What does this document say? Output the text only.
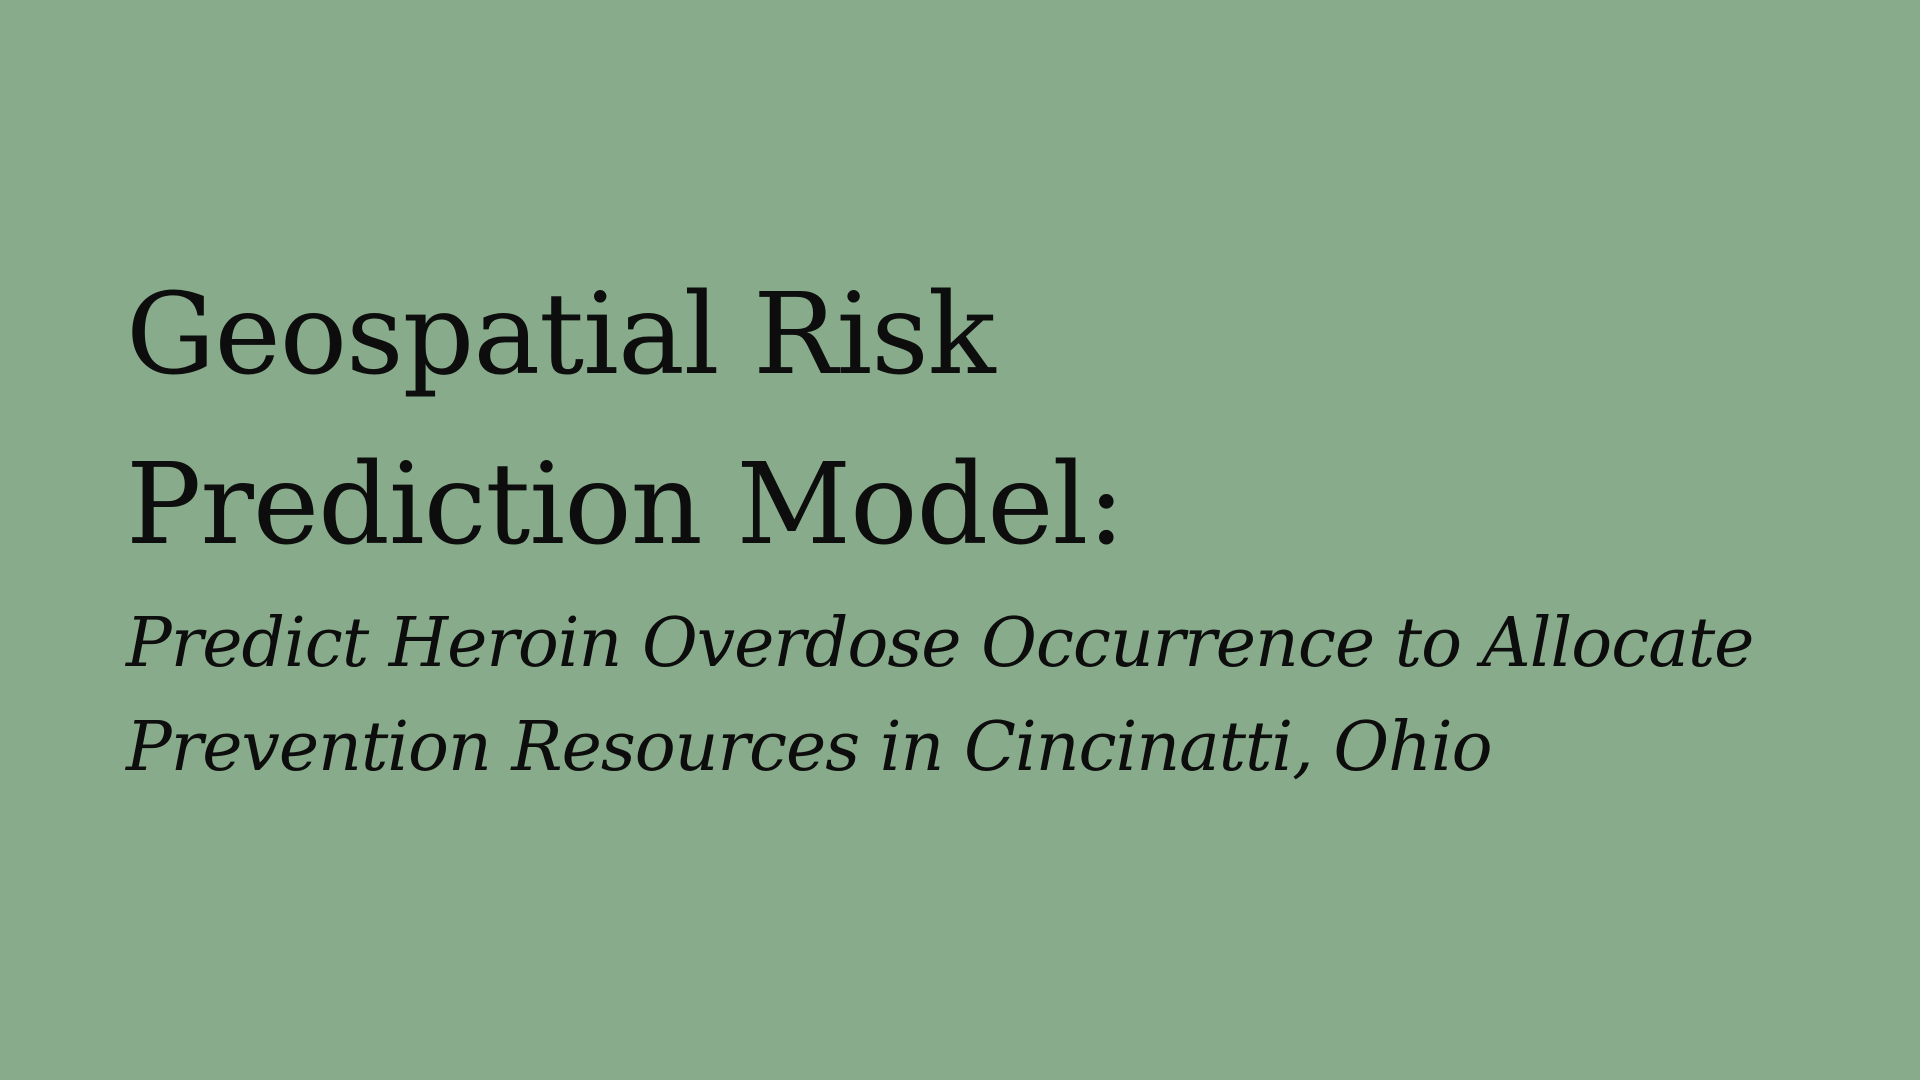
Geospatial Risk
Prediction Model:
Predict Heroin Overdose Occurrence to Allocate
Prevention Resources in Cincinatti, Ohio
